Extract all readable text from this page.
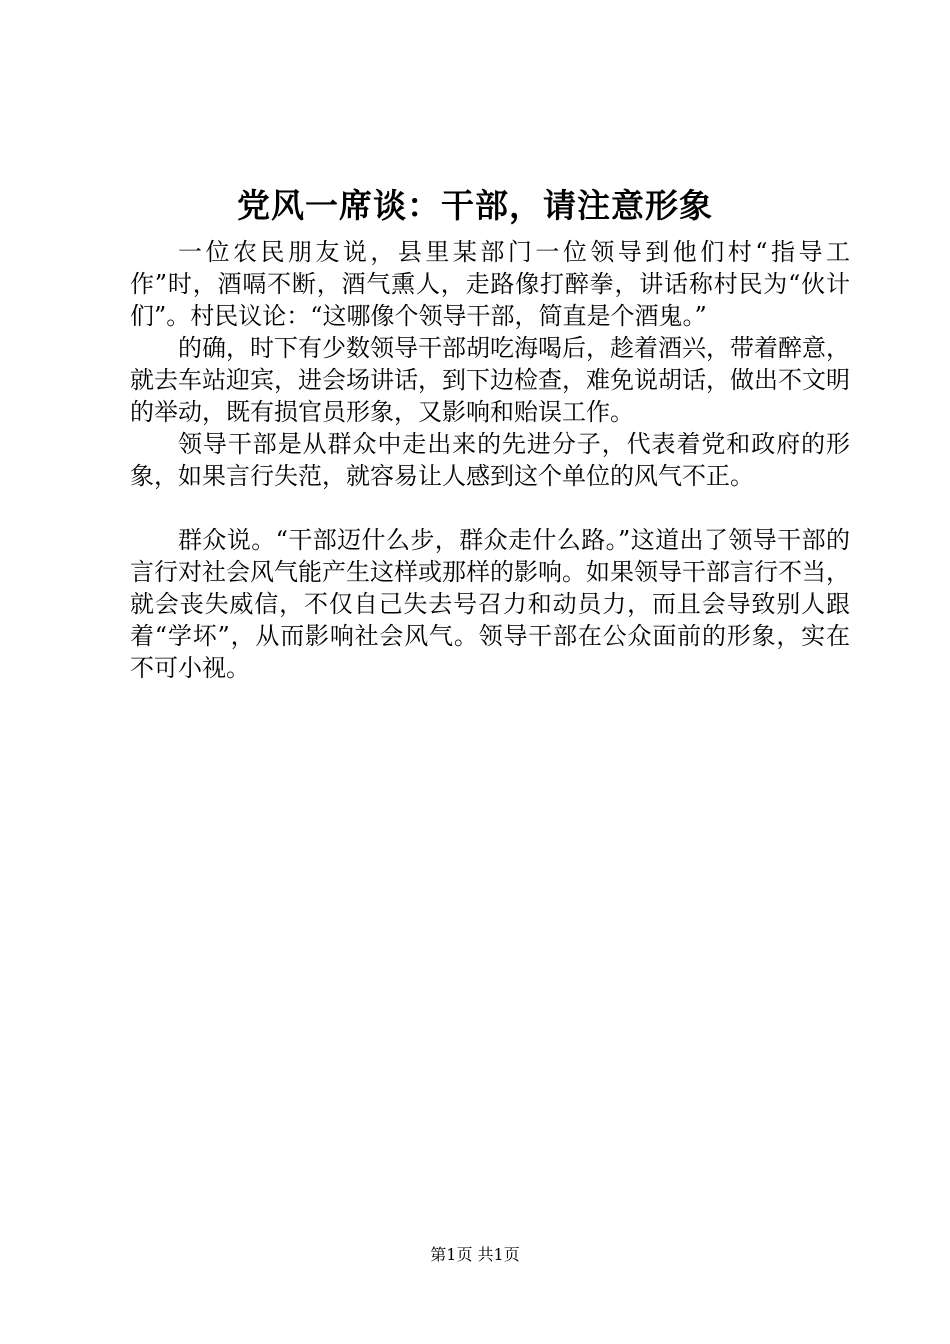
党风一席谈：干部，请注意形象

一位农民朋友说，县里某部门一位领导到他们村“指导工作”时，酒嗝不断，酒气熏人，走路像打醉拳，讲话称村民为“伙计们”。村民议论：“这哪像个领导干部，简直是个酒鬼。”

的确，时下有少数领导干部胡吃海喝后，趁着酒兴，带着醉意，就去车站迎宾，进会场讲话，到下边检查，难免说胡话，做出不文明的举动，既有损官员形象，又影响和贻误工作。

领导干部是从群众中走出来的先进分子，代表着党和政府的形象，如果言行失范，就容易让人感到这个单位的风气不正。

群众说。“干部迈什么步，群众走什么路。”这道出了领导干部的言行对社会风气能产生这样或那样的影响。如果领导干部言行不当，就会丧失威信，不仅自己失去号召力和动员力，而且会导致别人跟着“学坏”，从而影响社会风气。领导干部在公众面前的形象，实在不可小视。

第1页 共1页
